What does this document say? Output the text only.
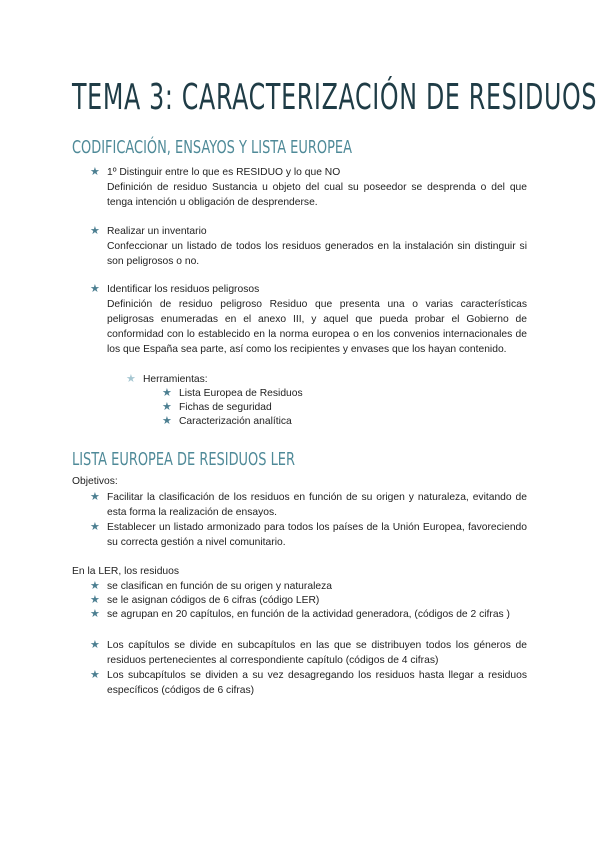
TEMA 3: CARACTERIZACIÓN DE RESIDUOS
CODIFICACIÓN, ENSAYOS Y LISTA EUROPEA
★ 1º Distinguir entre lo que es RESIDUO y lo que NO
Definición de residuo Sustancia u objeto del cual su poseedor se desprenda o del que tenga intención u obligación de desprenderse.
★ Realizar un inventario
Confeccionar un listado de todos los residuos generados en la instalación sin distinguir si son peligrosos o no.
★ Identificar los residuos peligrosos
Definición de residuo peligroso Residuo que presenta una o varias características peligrosas enumeradas en el anexo III, y aquel que pueda probar el Gobierno de conformidad con lo establecido en la norma europea o en los convenios internacionales de los que España sea parte, así como los recipientes y envases que los hayan contenido.
★ Herramientas:
★ Lista Europea de Residuos
★ Fichas de seguridad
★ Caracterización analítica
LISTA EUROPEA DE RESIDUOS LER
Objetivos:
★ Facilitar la clasificación de los residuos en función de su origen y naturaleza, evitando de esta forma la realización de ensayos.
★ Establecer un listado armonizado para todos los países de la Unión Europea, favoreciendo su correcta gestión a nivel comunitario.
En la LER, los residuos
★ se clasifican en función de su origen y naturaleza
★ se le asignan códigos de 6 cifras (código LER)
★ se agrupan en 20 capítulos, en función de la actividad generadora, (códigos de 2 cifras )
★ Los capítulos se divide en subcapítulos en las que se distribuyen todos los géneros de residuos pertenecientes al correspondiente capítulo (códigos de 4 cifras)
★ Los subcapítulos se dividen a su vez desagregando los residuos hasta llegar a residuos específicos (códigos de 6 cifras)
